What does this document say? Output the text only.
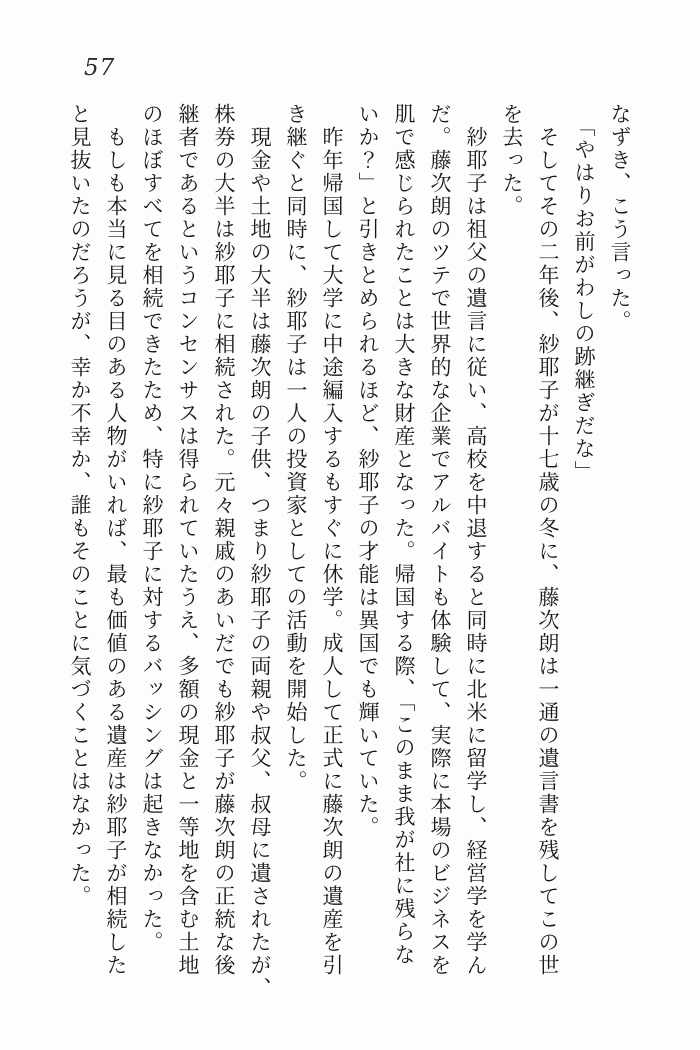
57
なずき、こう言った。
　「やはりお前がわしの跡継ぎだな」
　そしてその二年後、紗耶子が十七歳の冬に、藤次朗は一通の遺言書を残してこの世
を去った。
　紗耶子は祖父の遺言に従い、高校を中退すると同時に北米に留学し、経営学を学ん
だ。藤次朗のツテで世界的な企業でアルバイトも体験して、実際に本場のビジネスを
肌で感じられたことは大きな財産となった。帰国する際、「このまま我が社に残らな
いか？」と引きとめられるほど、紗耶子の才能は異国でも輝いていた。
　昨年帰国して大学に中途編入するもすぐに休学。成人して正式に藤次朗の遺産を引
き継ぐと同時に、紗耶子は一人の投資家としての活動を開始した。
　現金や土地の大半は藤次朗の子供、つまり紗耶子の両親や叔父、叔母に遺されたが、
株券の大半は紗耶子に相続された。元々親戚のあいだでも紗耶子が藤次朗の正統な後
継者であるというコンセンサスは得られていたうえ、多額の現金と一等地を含む土地
のほぼすべてを相続できたため、特に紗耶子に対するバッシングは起きなかった。
　もしも本当に見る目のある人物がいれば、最も価値のある遺産は紗耶子が相続した
と見抜いたのだろうが、幸か不幸か、誰もそのことに気づくことはなかった。
